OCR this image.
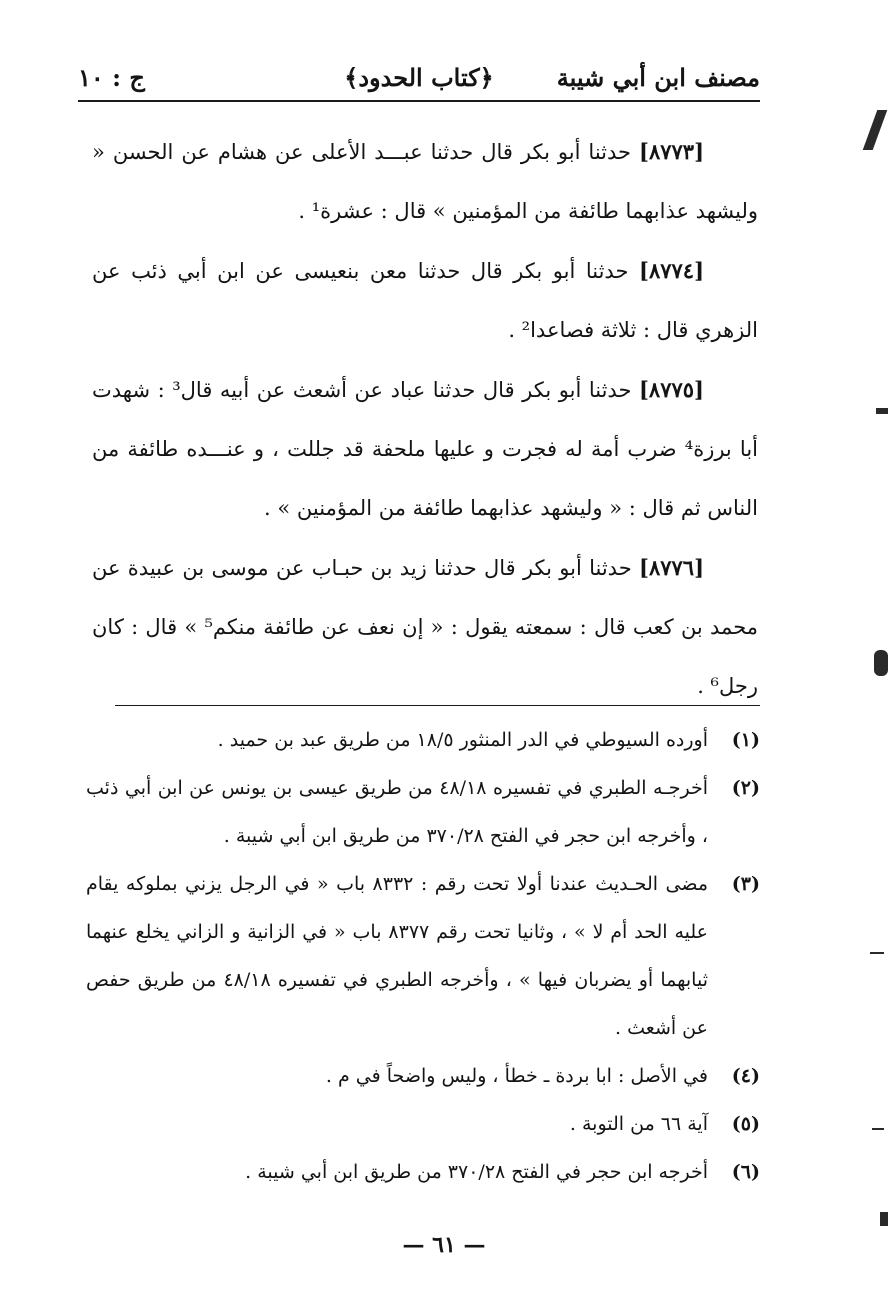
مصنف ابن أبي شيبة
﴿كتاب الحدود﴾
ج : ١٠

[٨٧٧٣] حدثنا أبو بكر قال حدثنا عبـــد الأعلى عن هشام عن الحسن « وليشهد عذابهما طائفة من المؤمنين » قال : عشرة¹ .

[٨٧٧٤] حدثنا أبو بكر قال حدثنا معن بنعيسى عن ابن أبي ذئب عن الزهري قال : ثلاثة فصاعدا² .

[٨٧٧٥] حدثنا أبو بكر قال حدثنا عباد عن أشعث عن أبيه قال³ : شهدت أبا برزة⁴ ضرب أمة له فجرت و عليها ملحفة قد جللت ، و عنـــده طائفة من الناس ثم قال : « وليشهد عذابهما طائفة من المؤمنين » .

[٨٧٧٦] حدثنا أبو بكر قال حدثنا زيد بن حبـاب عن موسى بن عبيدة عن محمد بن كعب قال : سمعته يقول : « إن نعف عن طائفة منكم⁵ » قال : كان رجل⁶ .

(١)
أورده السيوطي في الدر المنثور ١٨/٥ من طريق عبد بن حميد .

(٢)
أخرجـه الطبري في تفسيره ٤٨/١٨ من طريق عيسى بن يونس عن ابن أبي ذئب ، وأخرجه ابن حجر في الفتح ٣٧٠/٢٨ من طريق ابن أبي شيبة .

(٣)
مضى الحـديث عندنا أولا تحت رقم : ٨٣٣٢ باب « في الرجل يزني بملوكه يقام عليه الحد أم لا » ، وثانيا تحت رقم ٨٣٧٧ باب « في الزانية و الزاني يخلع عنهما ثيابهما أو يضربان فيها » ، وأخرجه الطبري في تفسيره ٤٨/١٨ من طريق حفص عن أشعث .

(٤)
في الأصل : ابا بردة ـ خطأ ، وليس واضحاً في م .

(٥)
آية ٦٦ من التوبة .

(٦)
أخرجه ابن حجر في الفتح ٣٧٠/٢٨ من طريق ابن أبي شيبة .

— ٦١ —
